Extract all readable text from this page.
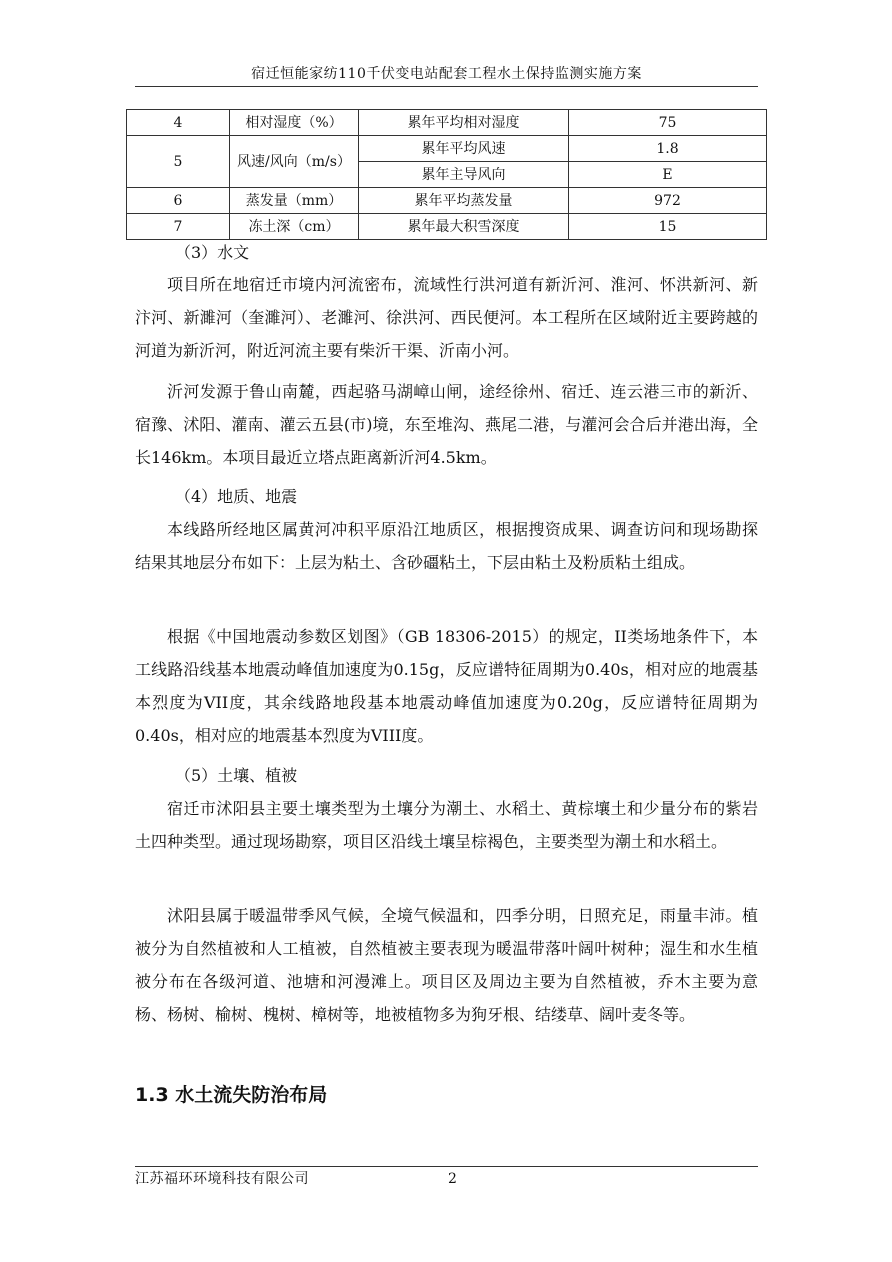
宿迁恒能家纺110千伏变电站配套工程水土保持监测实施方案
4	相对湿度（%）	累年平均相对湿度	75
5	风速/风向（m/s）	累年平均风速	1.8
		累年主导风向	E
6	蒸发量（mm）	累年平均蒸发量	972
7	冻土深（cm）	累年最大积雪深度	15
（3）水文

项目所在地宿迁市境内河流密布，流域性行洪河道有新沂河、淮河、怀洪新河、新汴河、新濉河（奎濉河）、老濉河、徐洪河、西民便河。本工程所在区域附近主要跨越的河道为新沂河，附近河流主要有柴沂干渠、沂南小河。

沂河发源于鲁山南麓，西起骆马湖嶂山闸，途经徐州、宿迁、连云港三市的新沂、宿豫、沭阳、灌南、灌云五县(市)境，东至堆沟、燕尾二港，与灌河会合后并港出海，全长146km。本项目最近立塔点距离新沂河4.5km。

（4）地质、地震

本线路所经地区属黄河冲积平原沿江地质区，根据搜资成果、调查访问和现场勘探结果其地层分布如下：上层为粘土、含砂礓粘土，下层由粘土及粉质粘土组成。

根据《中国地震动参数区划图》（GB 18306-2015）的规定，II类场地条件下，本工线路沿线基本地震动峰值加速度为0.15g，反应谱特征周期为0.40s，相对应的地震基本烈度为VII度，其余线路地段基本地震动峰值加速度为0.20g，反应谱特征周期为0.40s，相对应的地震基本烈度为VIII度。

（5）土壤、植被

宿迁市沭阳县主要土壤类型为土壤分为潮土、水稻土、黄棕壤土和少量分布的紫岩土四种类型。通过现场勘察，项目区沿线土壤呈棕褐色，主要类型为潮土和水稻土。

沭阳县属于暖温带季风气候，全境气候温和，四季分明，日照充足，雨量丰沛。植被分为自然植被和人工植被，自然植被主要表现为暖温带落叶阔叶树种；湿生和水生植被分布在各级河道、池塘和河漫滩上。项目区及周边主要为自然植被，乔木主要为意杨、杨树、榆树、槐树、樟树等，地被植物多为狗牙根、结缕草、阔叶麦冬等。

1.3 水土流失防治布局
江苏福环环境科技有限公司	2
